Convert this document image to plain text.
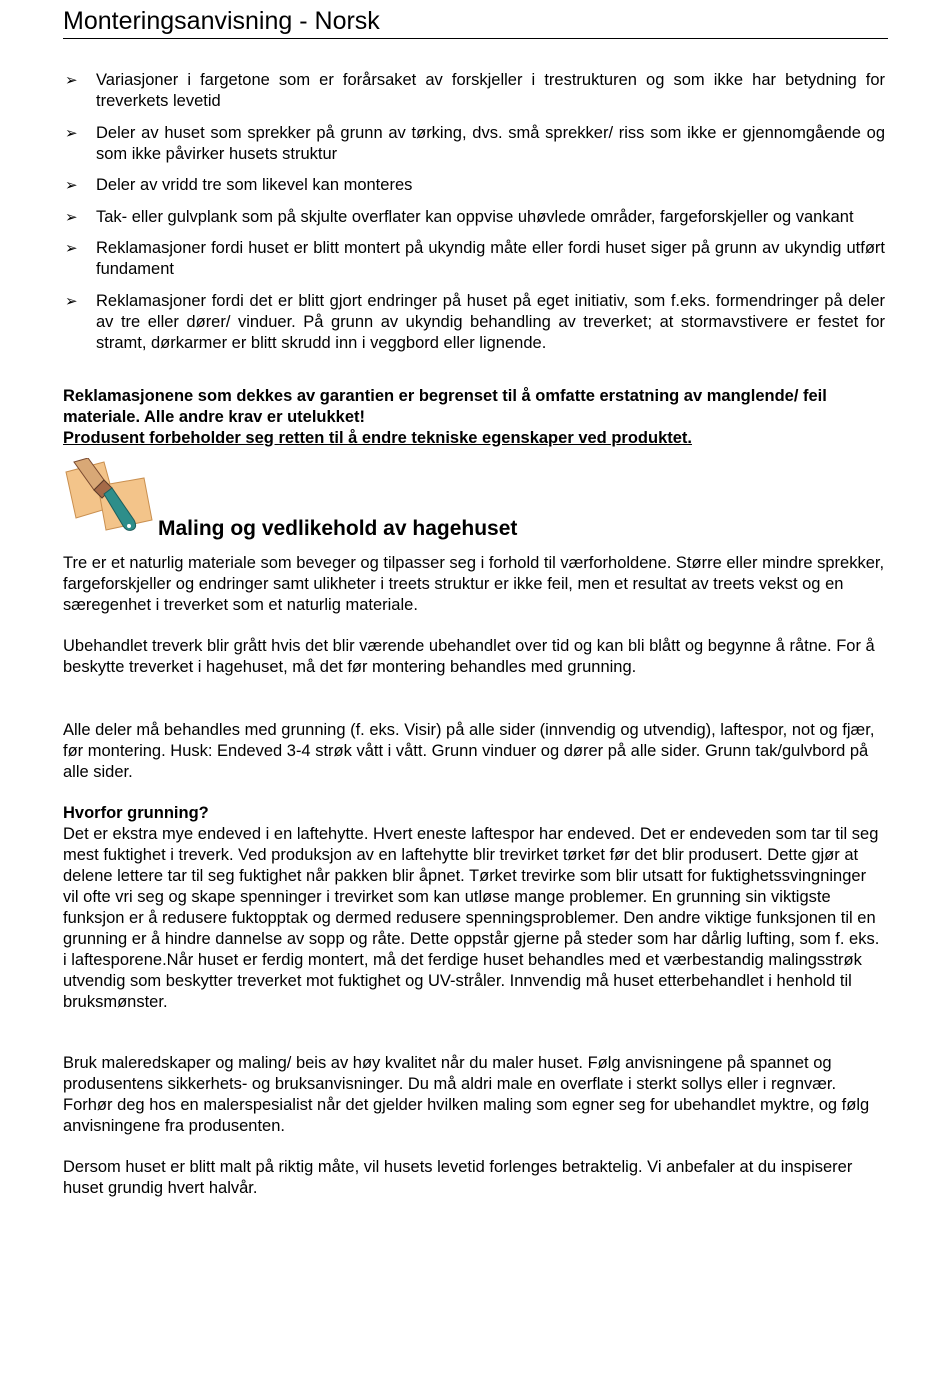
Monteringsanvisning - Norsk
➢ Variasjoner i fargetone som er forårsaket av forskjeller i trestrukturen og som ikke har betydning for treverkets levetid
➢ Deler av huset som sprekker på grunn av tørking, dvs. små sprekker/ riss som ikke er gjennomgående og som ikke påvirker husets struktur
➢ Deler av vridd tre som likevel kan monteres
➢ Tak- eller gulvplank som på skjulte overflater kan oppvise uhøvlede områder, fargeforskjeller og vankant
➢ Reklamasjoner fordi huset er blitt montert på ukyndig måte eller fordi huset siger på grunn av ukyndig utført fundament
➢ Reklamasjoner fordi det er blitt gjort endringer på huset på eget initiativ, som f.eks. formendringer på deler av tre eller dører/ vinduer. På grunn av ukyndig behandling av treverket; at stormavstivere er festet for stramt, dørkarmer er blitt skrudd inn i veggbord eller lignende.
Reklamasjonene som dekkes av garantien er begrenset til å omfatte erstatning av manglende/ feil materiale. Alle andre krav er utelukket!
Produsent forbeholder seg retten til å endre tekniske egenskaper ved produktet.
Maling og vedlikehold av hagehuset

Tre er et naturlig materiale som beveger og tilpasser seg i forhold til værforholdene. Større eller mindre sprekker, fargeforskjeller og endringer samt ulikheter i treets struktur er ikke feil, men et resultat av treets vekst og en særegenhet i treverket som et naturlig materiale.

Ubehandlet treverk blir grått hvis det blir værende ubehandlet over tid og kan bli blått og begynne å råtne. For å beskytte treverket i hagehuset, må det før montering behandles med grunning.

Alle deler må behandles med grunning (f. eks. Visir) på alle sider (innvendig og utvendig), laftespor, not og fjær, før montering. Husk: Endeved 3-4 strøk vått i vått. Grunn vinduer og dører på alle sider. Grunn tak/gulvbord på alle sider.

Hvorfor grunning?
Det er ekstra mye endeved i en laftehytte. Hvert eneste laftespor har endeved. Det er endeveden som tar til seg mest fuktighet i treverk. Ved produksjon av en laftehytte blir trevirket tørket før det blir produsert. Dette gjør at delene lettere tar til seg fuktighet når pakken blir åpnet. Tørket trevirke som blir utsatt for fuktighetssvingninger vil ofte vri seg og skape spenninger i trevirket som kan utløse mange problemer. En grunning sin viktigste funksjon er å redusere fuktopptak og dermed redusere spenningsproblemer. Den andre viktige funksjonen til en grunning er å hindre dannelse av sopp og råte. Dette oppstår gjerne på steder som har dårlig lufting, som f. eks. i laftesporene.Når huset er ferdig montert, må det ferdige huset behandles med et værbestandig malingsstrøk utvendig som beskytter treverket mot fuktighet og UV-stråler. Innvendig må huset etterbehandlet i henhold til bruksmønster.

Bruk maleredskaper og maling/ beis av høy kvalitet når du maler huset. Følg anvisningene på spannet og produsentens sikkerhets- og bruksanvisninger. Du må aldri male en overflate i sterkt sollys eller i regnvær. Forhør deg hos en malerspesialist når det gjelder hvilken maling som egner seg for ubehandlet myktre, og følg anvisningene fra produsenten.

Dersom huset er blitt malt på riktig måte, vil husets levetid forlenges betraktelig. Vi anbefaler at du inspiserer huset grundig hvert halvår.
